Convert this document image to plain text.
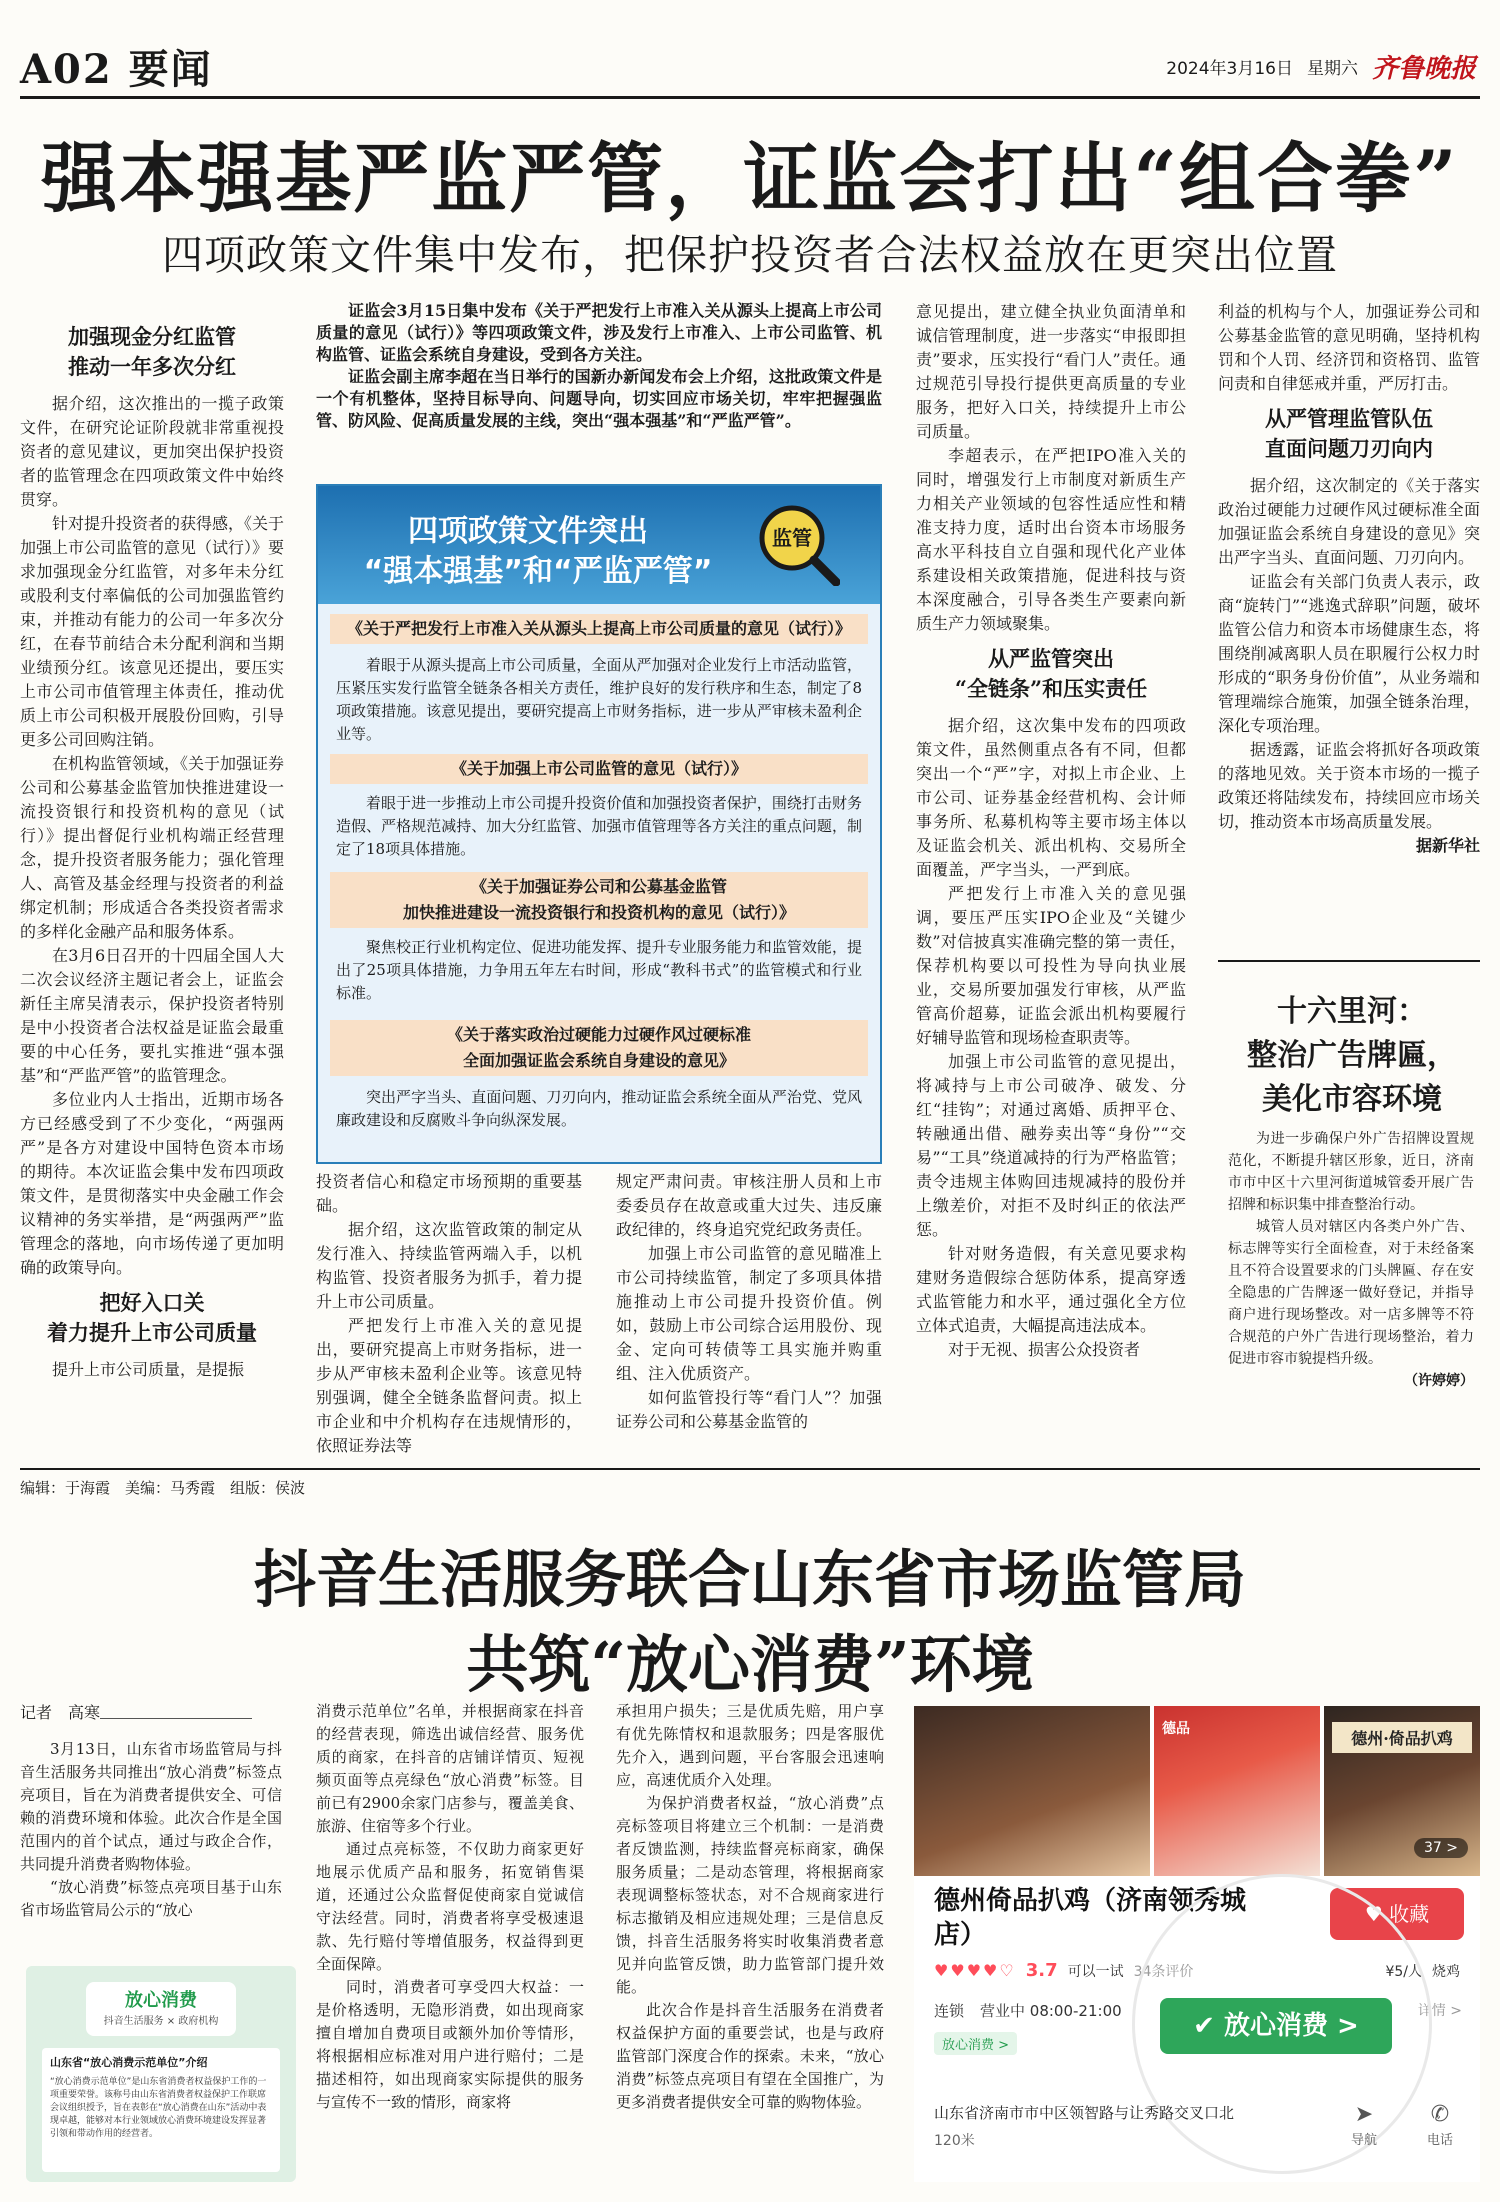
A02 要闻	2024年3月16日 星期六 齐鲁晚报
强本强基严监严管，证监会打出“组合拳”
四项政策文件集中发布，把保护投资者合法权益放在更突出位置
加强现金分红监管
推动一年多次分红

据介绍，这次推出的一揽子政策文件，在研究论证阶段就非常重视投资者的意见建议，更加突出保护投资者的监管理念在四项政策文件中始终贯穿。

针对提升投资者的获得感，《关于加强上市公司监管的意见（试行）》要求加强现金分红监管，对多年未分红或股利支付率偏低的公司加强监管约束，并推动有能力的公司一年多次分红，在春节前结合未分配利润和当期业绩预分红。该意见还提出，要压实上市公司市值管理主体责任，推动优质上市公司积极开展股份回购，引导更多公司回购注销。

在机构监管领域，《关于加强证券公司和公募基金监管加快推进建设一流投资银行和投资机构的意见（试行）》提出督促行业机构端正经营理念，提升投资者服务能力；强化管理人、高管及基金经理与投资者的利益绑定机制；形成适合各类投资者需求的多样化金融产品和服务体系。

在3月6日召开的十四届全国人大二次会议经济主题记者会上，证监会新任主席吴清表示，保护投资者特别是中小投资者合法权益是证监会最重要的中心任务，要扎实推进“强本强基”和“严监严管”的监管理念。

多位业内人士指出，近期市场各方已经感受到了不少变化，“两强两严”是各方对建设中国特色资本市场的期待。本次证监会集中发布四项政策文件，是贯彻落实中央金融工作会议精神的务实举措，是“两强两严”监管理念的落地，向市场传递了更加明确的政策导向。

把好入口关
着力提升上市公司质量

提升上市公司质量，是提振

证监会3月15日集中发布《关于严把发行上市准入关从源头上提高上市公司质量的意见（试行）》等四项政策文件，涉及发行上市准入、上市公司监管、机构监管、证监会系统自身建设，受到各方关注。

证监会副主席李超在当日举行的国新办新闻发布会上介绍，这批政策文件是一个有机整体，坚持目标导向、问题导向，切实回应市场关切，牢牢把握强监管、防风险、促高质量发展的主线，突出“强本强基”和“严监严管”。

四项政策文件突出
“强本强基”和“严监严管”
监管
《关于严把发行上市准入关从源头上提高上市公司质量的意见（试行）》
着眼于从源头提高上市公司质量，全面从严加强对企业发行上市活动监管，压紧压实发行监管全链条各相关方责任，维护良好的发行秩序和生态，制定了8项政策措施。该意见提出，要研究提高上市财务指标，进一步从严审核未盈利企业等。
《关于加强上市公司监管的意见（试行）》
着眼于进一步推动上市公司提升投资价值和加强投资者保护，围绕打击财务造假、严格规范减持、加大分红监管、加强市值管理等各方关注的重点问题，制定了18项具体措施。
《关于加强证券公司和公募基金监管
加快推进建设一流投资银行和投资机构的意见（试行）》
聚焦校正行业机构定位、促进功能发挥、提升专业服务能力和监管效能，提出了25项具体措施，力争用五年左右时间，形成“教科书式”的监管模式和行业标准。
《关于落实政治过硬能力过硬作风过硬标准
全面加强证监会系统自身建设的意见》
突出严字当头、直面问题、刀刃向内，推动证监会系统全面从严治党、党风廉政建设和反腐败斗争向纵深发展。

投资者信心和稳定市场预期的重要基础。

据介绍，这次监管政策的制定从发行准入、持续监管两端入手，以机构监管、投资者服务为抓手，着力提升上市公司质量。

严把发行上市准入关的意见提出，要研究提高上市财务指标，进一步从严审核未盈利企业等。该意见特别强调，健全全链条监督问责。拟上市企业和中介机构存在违规情形的，依照证券法等

规定严肃问责。审核注册人员和上市委委员存在故意或重大过失、违反廉政纪律的，终身追究党纪政务责任。

加强上市公司监管的意见瞄准上市公司持续监管，制定了多项具体措施推动上市公司提升投资价值。例如，鼓励上市公司综合运用股份、现金、定向可转债等工具实施并购重组、注入优质资产。

如何监管投行等“看门人”？加强证券公司和公募基金监管的

意见提出，建立健全执业负面清单和诚信管理制度，进一步落实“申报即担责”要求，压实投行“看门人”责任。通过规范引导投行提供更高质量的专业服务，把好入口关，持续提升上市公司质量。

李超表示，在严把IPO准入关的同时，增强发行上市制度对新质生产力相关产业领域的包容性适应性和精准支持力度，适时出台资本市场服务高水平科技自立自强和现代化产业体系建设相关政策措施，促进科技与资本深度融合，引导各类生产要素向新质生产力领域聚集。

从严监管突出
“全链条”和压实责任

据介绍，这次集中发布的四项政策文件，虽然侧重点各有不同，但都突出一个“严”字，对拟上市企业、上市公司、证券基金经营机构、会计师事务所、私募机构等主要市场主体以及证监会机关、派出机构、交易所全面覆盖，严字当头，一严到底。

严把发行上市准入关的意见强调，要压严压实IPO企业及“关键少数”对信披真实准确完整的第一责任，保荐机构要以可投性为导向执业展业，交易所要加强发行审核，从严监管高价超募，证监会派出机构要履行好辅导监管和现场检查职责等。

加强上市公司监管的意见提出，将减持与上市公司破净、破发、分红“挂钩”；对通过离婚、质押平仓、转融通出借、融券卖出等“身份”“交易”“工具”绕道减持的行为严格监管；责令违规主体购回违规减持的股份并上缴差价，对拒不及时纠正的依法严惩。

针对财务造假，有关意见要求构建财务造假综合惩防体系，提高穿透式监管能力和水平，通过强化全方位立体式追责，大幅提高违法成本。

对于无视、损害公众投资者

利益的机构与个人，加强证券公司和公募基金监管的意见明确，坚持机构罚和个人罚、经济罚和资格罚、监管问责和自律惩戒并重，严厉打击。

从严管理监管队伍
直面问题刀刃向内

据介绍，这次制定的《关于落实政治过硬能力过硬作风过硬标准全面加强证监会系统自身建设的意见》突出严字当头、直面问题、刀刃向内。

证监会有关部门负责人表示，政商“旋转门”“逃逸式辞职”问题，破坏监管公信力和资本市场健康生态，将围绕削减离职人员在职履行公权力时形成的“职务身份价值”，从业务端和管理端综合施策，加强全链条治理，深化专项治理。

据透露，证监会将抓好各项政策的落地见效。关于资本市场的一揽子政策还将陆续发布，持续回应市场关切，推动资本市场高质量发展。

据新华社
十六里河：
整治广告牌匾，
美化市容环境

为进一步确保户外广告招牌设置规范化，不断提升辖区形象，近日，济南市市中区十六里河街道城管委开展广告招牌和标识集中排查整治行动。

城管人员对辖区内各类户外广告、标志牌等实行全面检查，对于未经备案且不符合设置要求的门头牌匾、存在安全隐患的广告牌逐一做好登记，并指导商户进行现场整改。对一店多牌等不符合规范的户外广告进行现场整治，着力促进市容市貌提档升级。

（许婷婷）
编辑：于海霞　美编：马秀霞　组版：侯波
抖音生活服务联合山东省市场监管局
共筑“放心消费”环境
记者　高寒

3月13日，山东省市场监管局与抖音生活服务共同推出“放心消费”标签点亮项目，旨在为消费者提供安全、可信赖的消费环境和体验。此次合作是全国范围内的首个试点，通过与政企合作，共同提升消费者购物体验。

“放心消费”标签点亮项目基于山东省市场监管局公示的“放心

放心消费
抖音生活服务 × 政府机构
山东省“放心消费示范单位”介绍
“放心消费示范单位”是山东省消费者权益保护工作的一项重要荣誉。该称号由山东省消费者权益保护工作联席会议组织授予，旨在表彰在“放心消费在山东”活动中表现卓越，能够对本行业领域放心消费环境建设发挥显著引领和带动作用的经营者。

消费示范单位”名单，并根据商家在抖音的经营表现，筛选出诚信经营、服务优质的商家，在抖音的店铺详情页、短视频页面等点亮绿色“放心消费”标签。目前已有2900余家门店参与，覆盖美食、旅游、住宿等多个行业。

通过点亮标签，不仅助力商家更好地展示优质产品和服务，拓宽销售渠道，还通过公众监督促使商家自觉诚信守法经营。同时，消费者将享受极速退款、先行赔付等增值服务，权益得到更全面保障。

同时，消费者可享受四大权益：一是价格透明，无隐形消费，如出现商家擅自增加自费项目或额外加价等情形，将根据相应标准对用户进行赔付；二是描述相符，如出现商家实际提供的服务与宣传不一致的情形，商家将

承担用户损失；三是优质先赔，用户享有优先陈情权和退款服务；四是客服优先介入，遇到问题，平台客服会迅速响应，高速优质介入处理。

为保护消费者权益，“放心消费”点亮标签项目将建立三个机制：一是消费者反馈监测，持续监督亮标商家，确保服务质量；二是动态管理，将根据商家表现调整标签状态，对不合规商家进行标志撤销及相应违规处理；三是信息反馈，抖音生活服务将实时收集消费者意见并向监管反馈，助力监管部门提升效能。

此次合作是抖音生活服务在消费者权益保护方面的重要尝试，也是与政府监管部门深度合作的探索。未来，“放心消费”标签点亮项目有望在全国推广，为更多消费者提供安全可靠的购物体验。

德品	德州·倚品扒鸡
37 >
德州倚品扒鸡（济南领秀城店）
♥ 收藏
♥♥♥♥♡ 3.7 可以一试 34条评价	¥5/人 烧鸡
连锁 营业中 08:00-21:00	详情 >
放心消费 >
✔ 放心消费 >
山东省济南市市中区领智路与让秀路交叉口北
120米
➤
导航
✆
电话
